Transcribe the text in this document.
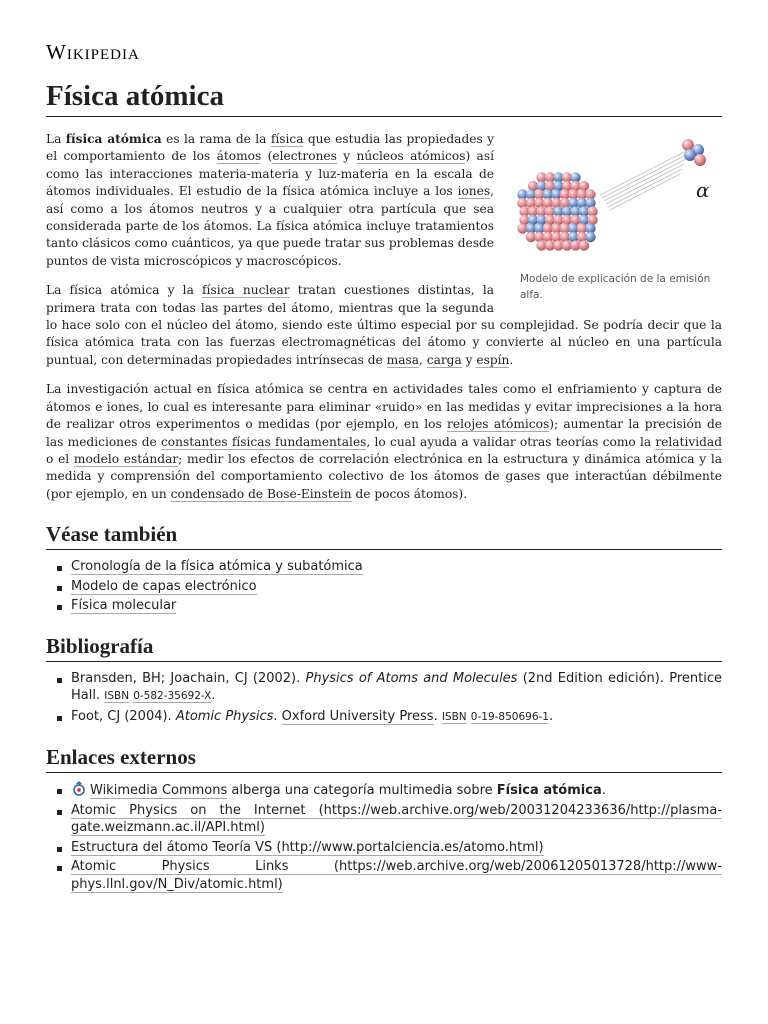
Wikipedia
Física atómica
α
Modelo de explicación de la emisión alfa.

La física atómica es la rama de la física que estudia las propiedades y el comportamiento de los átomos (electrones y núcleos atómicos) así como las interacciones materia-materia y luz-materia en la escala de átomos individuales. El estudio de la física atómica incluye a los iones, así como a los átomos neutros y a cualquier otra partícula que sea considerada parte de los átomos. La física atómica incluye tratamientos tanto clásicos como cuánticos, ya que puede tratar sus problemas desde puntos de vista microscópicos y macroscópicos.

La física atómica y la física nuclear tratan cuestiones distintas, la primera trata con todas las partes del átomo, mientras que la segunda lo hace solo con el núcleo del átomo, siendo este último especial por su complejidad. Se podría decir que la física atómica trata con las fuerzas electromagnéticas del átomo y convierte al núcleo en una partícula puntual, con determinadas propiedades intrínsecas de masa, carga y espín.

La investigación actual en física atómica se centra en actividades tales como el enfriamiento y captura de átomos e iones, lo cual es interesante para eliminar «ruido» en las medidas y evitar imprecisiones a la hora de realizar otros experimentos o medidas (por ejemplo, en los relojes atómicos); aumentar la precisión de las mediciones de constantes físicas fundamentales, lo cual ayuda a validar otras teorías como la relatividad o el modelo estándar; medir los efectos de correlación electrónica en la estructura y dinámica atómica y la medida y comprensión del comportamiento colectivo de los átomos de gases que interactúan débilmente (por ejemplo, en un condensado de Bose-Einstein de pocos átomos).

Véase también
Cronología de la física atómica y subatómica
Modelo de capas electrónico
Física molecular
Bibliografía
Bransden, BH; Joachain, CJ (2002). Physics of Atoms and Molecules (2nd Edition edición). Prentice Hall. ISBN 0-582-35692-X.
Foot, CJ (2004). Atomic Physics. Oxford University Press. ISBN 0-19-850696-1.
Enlaces externos
Wikimedia Commons alberga una categoría multimedia sobre Física atómica.
Atomic Physics on the Internet (https://web.archive.org/web/20031204233636/http://plasma-gate.weizmann.ac.il/API.html)
Estructura del átomo Teoría VS (http://www.portalciencia.es/atomo.html)
Atomic Physics Links (https://web.archive.org/web/20061205013728/http://www-phys.llnl.gov/N_Div/atomic.html)
